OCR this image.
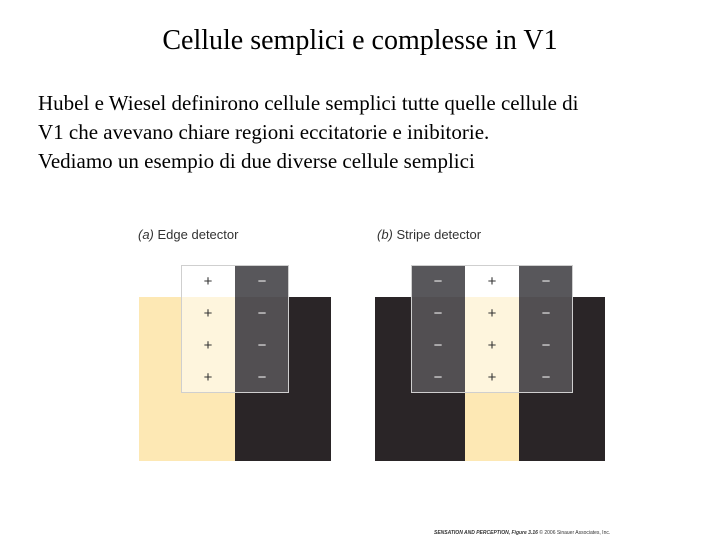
Cellule semplici e complesse in V1
Hubel e Wiesel definirono cellule semplici tutte quelle cellule di
V1 che avevano chiare regioni eccitatorie e inibitorie.
Vediamo un esempio di due diverse cellule semplici
(a) Edge detector
+
+
+
+
−
−
−
−
(b) Stripe detector
−
−
−
−
+
+
+
+
−
−
−
−
SENSATION AND PERCEPTION, Figure 3.16 © 2006 Sinauer Associates, Inc.
